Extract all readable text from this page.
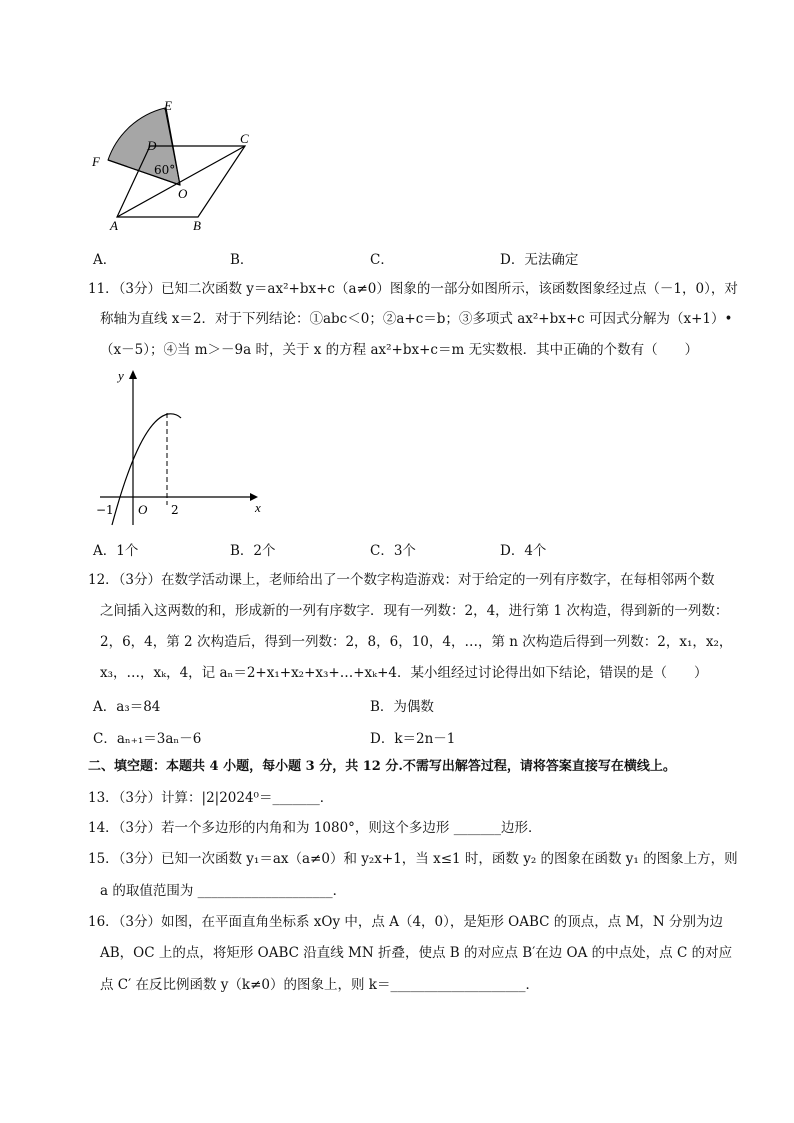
E
D	C
F
O
A	B
60°
y
x
−1 O 2
A．	B．	C．	D．无法确定
11．（3分）已知二次函数 y＝ax²+bx+c（a≠0）图象的一部分如图所示，该函数图象经过点（－1，0），对
称轴为直线 x＝2．对于下列结论：①abc＜0；②a+c＝b；③多项式 ax²+bx+c 可因式分解为（x+1）•
（x－5）；④当 m＞－9a 时，关于 x 的方程 ax²+bx+c＝m 无实数根．其中正确的个数有（　　）
A．1个	B．2个	C．3个	D．4个
12．（3分）在数学活动课上，老师给出了一个数字构造游戏：对于给定的一列有序数字，在每相邻两个数
之间插入这两数的和，形成新的一列有序数字．现有一列数：2，4，进行第 1 次构造，得到新的一列数：
2，6，4，第 2 次构造后，得到一列数：2，8，6，10，4，…，第 n 次构造后得到一列数：2，x₁，x₂，
x₃，…，xₖ，4，记 aₙ＝2+x₁+x₂+x₃+…+xₖ+4．某小组经过讨论得出如下结论，错误的是（　　）
A．a₃＝84	B．为偶数
C．aₙ₊₁＝3aₙ－6	D．k＝2n－1
二、填空题：本题共 4 小题，每小题 3 分，共 12 分.不需写出解答过程，请将答案直接写在横线上。
13．（3分）计算：|2|2024⁰＝_______．
14．（3分）若一个多边形的内角和为 1080°，则这个多边形 _______边形．
15．（3分）已知一次函数 y₁＝ax（a≠0）和 y₂x+1，当 x≤1 时，函数 y₂ 的图象在函数 y₁ 的图象上方，则
a 的取值范围为 ____________________．
16．（3分）如图，在平面直角坐标系 xOy 中，点 A（4，0），是矩形 OABC 的顶点，点 M，N 分别为边
AB，OC 上的点，将矩形 OABC 沿直线 MN 折叠，使点 B 的对应点 B′在边 OA 的中点处，点 C 的对应
点 C′ 在反比例函数 y（k≠0）的图象上，则 k＝____________________．
